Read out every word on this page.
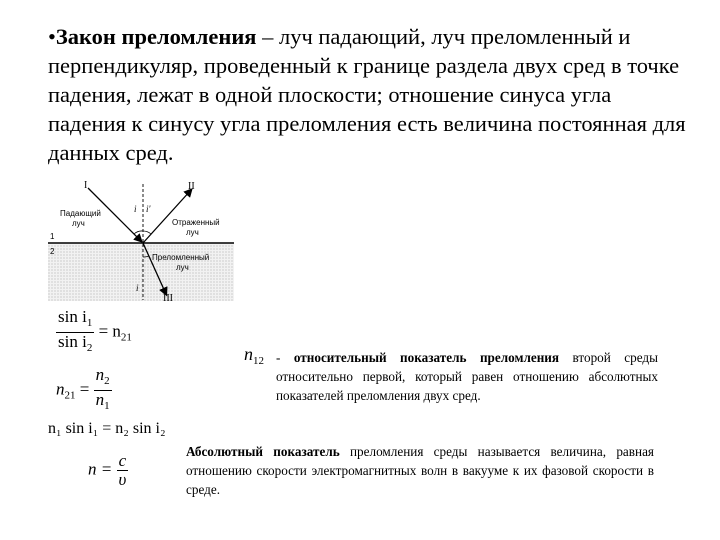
•Закон преломления – луч падающий, луч преломленный и перпендикуляр, проведенный к границе раздела двух сред в точке падения, лежат в одной плоскости; отношение синуса угла падения к синусу угла преломления есть величина постоянная для данных сред.

I	II
III
i i'
i
1
2
Падающий
луч	Отраженный
луч
Преломленный
луч
$\frac{\sin i_1}{\sin i_2} = n_{21}$
$n_{21} = \frac{n_2}{n_1}$
n₁ sin i₁ = n₂ sin i₂
$n = \frac{c}{\upsilon}$
$n_{12}$ - относительный показатель преломления второй среды относительно первой, который равен отношению абсолютных показателей преломления двух сред.
Абсолютный показатель преломления среды называется величина, равная отношению скорости электромагнитных волн в вакууме к их фазовой скорости в среде.
